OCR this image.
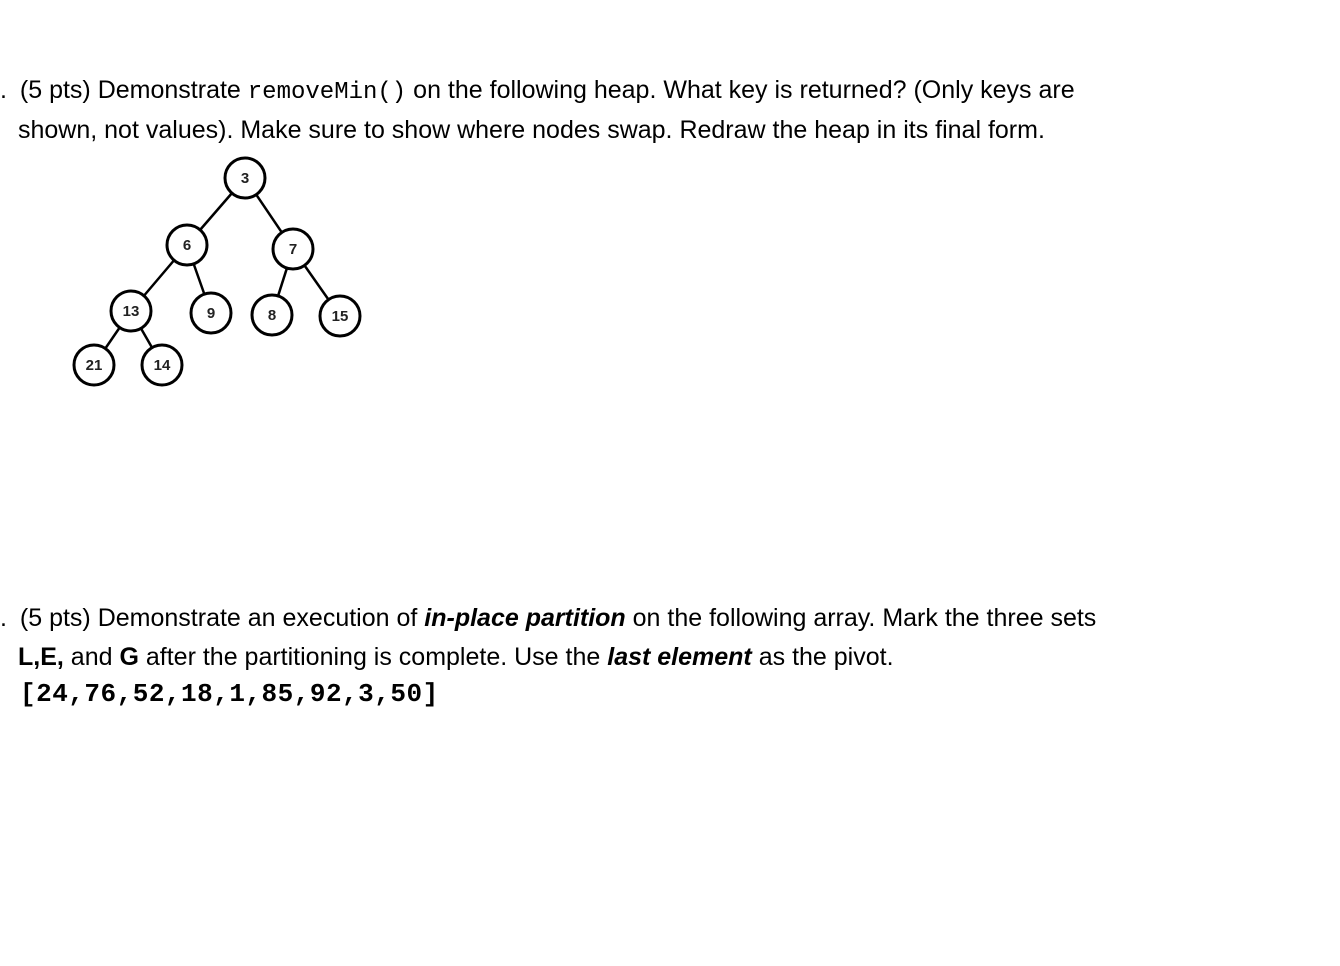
. (5 pts) Demonstrate removeMin() on the following heap. What key is returned? (Only keys are
shown, not values). Make sure to show where nodes swap. Redraw the heap in its final form.
3
6	7
13	9	8	15
21	14
. (5 pts) Demonstrate an execution of in-place partition on the following array. Mark the three sets
L,E, and G after the partitioning is complete. Use the last element as the pivot.
[24,76,52,18,1,85,92,3,50]
